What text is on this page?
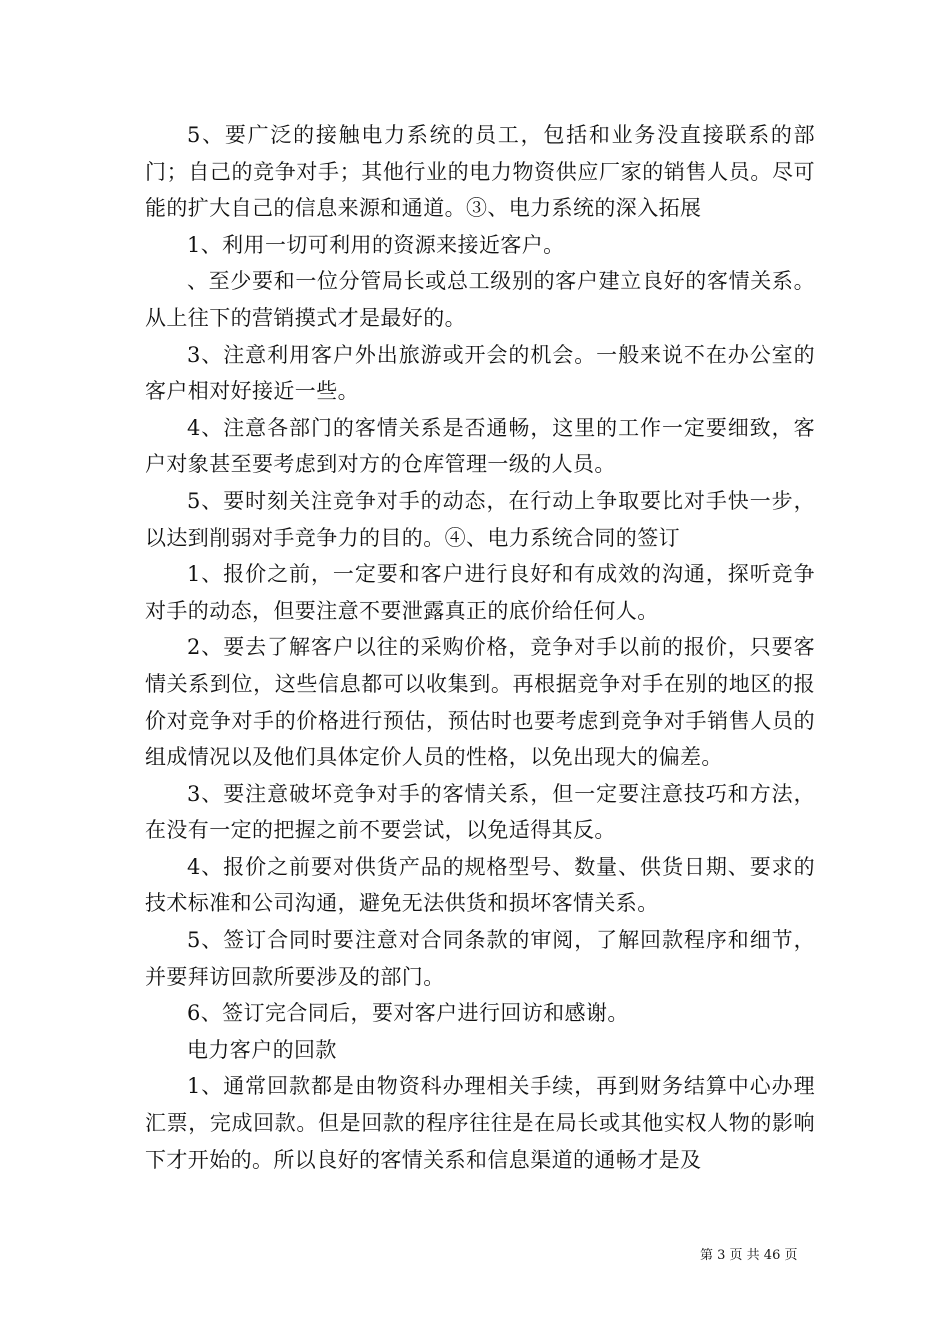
5、要广泛的接触电力系统的员工，包括和业务没直接联系的部门；自己的竞争对手；其他行业的电力物资供应厂家的销售人员。尽可能的扩大自己的信息来源和通道。③、电力系统的深入拓展

1、利用一切可利用的资源来接近客户。

、至少要和一位分管局长或总工级别的客户建立良好的客情关系。从上往下的营销摸式才是最好的。

3、注意利用客户外出旅游或开会的机会。一般来说不在办公室的客户相对好接近一些。

4、注意各部门的客情关系是否通畅，这里的工作一定要细致，客户对象甚至要考虑到对方的仓库管理一级的人员。

5、要时刻关注竞争对手的动态，在行动上争取要比对手快一步，以达到削弱对手竞争力的目的。④、电力系统合同的签订

1、报价之前，一定要和客户进行良好和有成效的沟通，探听竞争对手的动态，但要注意不要泄露真正的底价给任何人。

2、要去了解客户以往的采购价格，竞争对手以前的报价，只要客情关系到位，这些信息都可以收集到。再根据竞争对手在别的地区的报价对竞争对手的价格进行预估，预估时也要考虑到竞争对手销售人员的组成情况以及他们具体定价人员的性格，以免出现大的偏差。

3、要注意破坏竞争对手的客情关系，但一定要注意技巧和方法，在没有一定的把握之前不要尝试，以免适得其反。

4、报价之前要对供货产品的规格型号、数量、供货日期、要求的技术标准和公司沟通，避免无法供货和损坏客情关系。

5、签订合同时要注意对合同条款的审阅，了解回款程序和细节，并要拜访回款所要涉及的部门。

6、签订完合同后，要对客户进行回访和感谢。

电力客户的回款

1、通常回款都是由物资科办理相关手续，再到财务结算中心办理汇票，完成回款。但是回款的程序往往是在局长或其他实权人物的影响下才开始的。所以良好的客情关系和信息渠道的通畅才是及

第 3 页 共 46 页
